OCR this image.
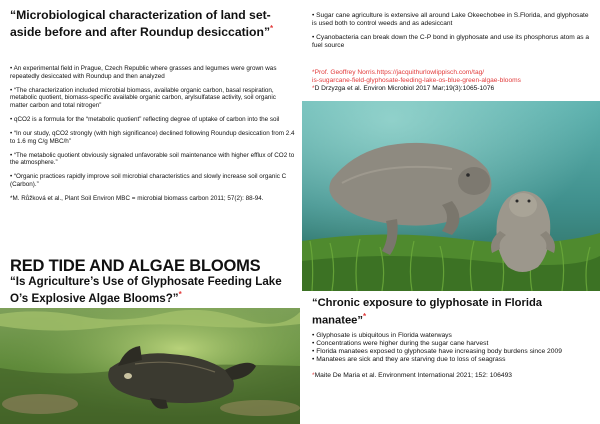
“Microbiological characterization of land set-aside before and after Roundup desiccation”*
• An experimental field in Prague, Czech Republic where grasses and legumes were grown was repeatedly desiccated with Roundup and then analyzed
• “The characterization included microbial biomass, available organic carbon, basal respiration, metabolic quotient, biomass-specific available organic carbon, arylsulfatase activity, soil organic matter carbon and total nitrogen”
• qCO2 is a formula for the “metabolic quotient” reflecting degree of uptake of carbon into the soil
• “In our study, qCO2 strongly (with high significance) declined following Roundup desiccation from 2.4 to 1.6 mg C/g MBC/h”
• “The metabolic quotient obviously signaled unfavorable soil maintenance with higher efflux of CO2 to the atmosphere.”
• “Organic practices rapidly improve soil microbial characteristics and slowly increase soil organic C (Carbon).”
*M. Růžková et al., Plant Soil Environ MBC = microbial biomass carbon 2011; 57(2): 88-94.
RED TIDE AND ALGAE BLOOMS
“Is Agriculture’s Use of Glyphosate Feeding Lake O’s Explosive Algae Blooms?”*
• Sugar cane agriculture is extensive all around Lake Okeechobee in S.Florida, and glyphosate is used both to control weeds and as adesiccant
• Cyanobacteria can break down the C-P bond in glyphosate and use its phosphorus atom as a fuel source
*Prof. Geoffrey Norris.https://jacquithurlowlippisch.com/tag/
is-sugarcane-field-glyphosate-feeding-lake-os-blue-green-algae-blooms
*D Drzyzga et al. Environ Microbiol 2017 Mar;19(3):1065-1076
“Chronic exposure to glyphosate in Florida manatee”*
• Glyphosate is ubiquitous in Florida waterways
• Concentrations were higher during the sugar cane harvest
• Florida manatees exposed to glyphosate have increasing body burdens since 2009
• Manatees are sick and they are starving due to loss of seagrass
*Maite De Maria et al. Environment International 2021; 152: 106493
